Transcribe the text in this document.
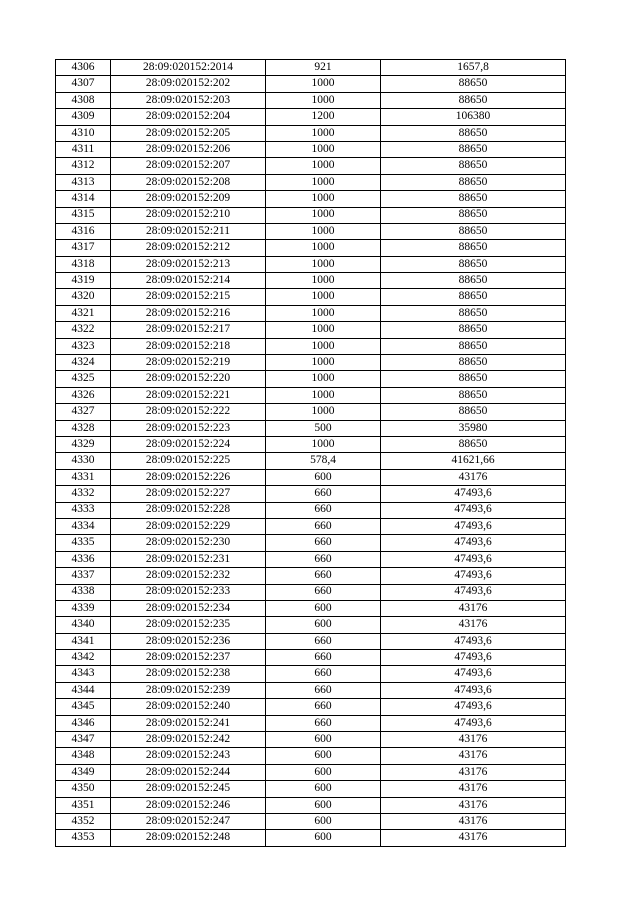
4306	28:09:020152:2014	921	1657,8
4307	28:09:020152:202	1000	88650
4308	28:09:020152:203	1000	88650
4309	28:09:020152:204	1200	106380
4310	28:09:020152:205	1000	88650
4311	28:09:020152:206	1000	88650
4312	28:09:020152:207	1000	88650
4313	28:09:020152:208	1000	88650
4314	28:09:020152:209	1000	88650
4315	28:09:020152:210	1000	88650
4316	28:09:020152:211	1000	88650
4317	28:09:020152:212	1000	88650
4318	28:09:020152:213	1000	88650
4319	28:09:020152:214	1000	88650
4320	28:09:020152:215	1000	88650
4321	28:09:020152:216	1000	88650
4322	28:09:020152:217	1000	88650
4323	28:09:020152:218	1000	88650
4324	28:09:020152:219	1000	88650
4325	28:09:020152:220	1000	88650
4326	28:09:020152:221	1000	88650
4327	28:09:020152:222	1000	88650
4328	28:09:020152:223	500	35980
4329	28:09:020152:224	1000	88650
4330	28:09:020152:225	578,4	41621,66
4331	28:09:020152:226	600	43176
4332	28:09:020152:227	660	47493,6
4333	28:09:020152:228	660	47493,6
4334	28:09:020152:229	660	47493,6
4335	28:09:020152:230	660	47493,6
4336	28:09:020152:231	660	47493,6
4337	28:09:020152:232	660	47493,6
4338	28:09:020152:233	660	47493,6
4339	28:09:020152:234	600	43176
4340	28:09:020152:235	600	43176
4341	28:09:020152:236	660	47493,6
4342	28:09:020152:237	660	47493,6
4343	28:09:020152:238	660	47493,6
4344	28:09:020152:239	660	47493,6
4345	28:09:020152:240	660	47493,6
4346	28:09:020152:241	660	47493,6
4347	28:09:020152:242	600	43176
4348	28:09:020152:243	600	43176
4349	28:09:020152:244	600	43176
4350	28:09:020152:245	600	43176
4351	28:09:020152:246	600	43176
4352	28:09:020152:247	600	43176
4353	28:09:020152:248	600	43176
